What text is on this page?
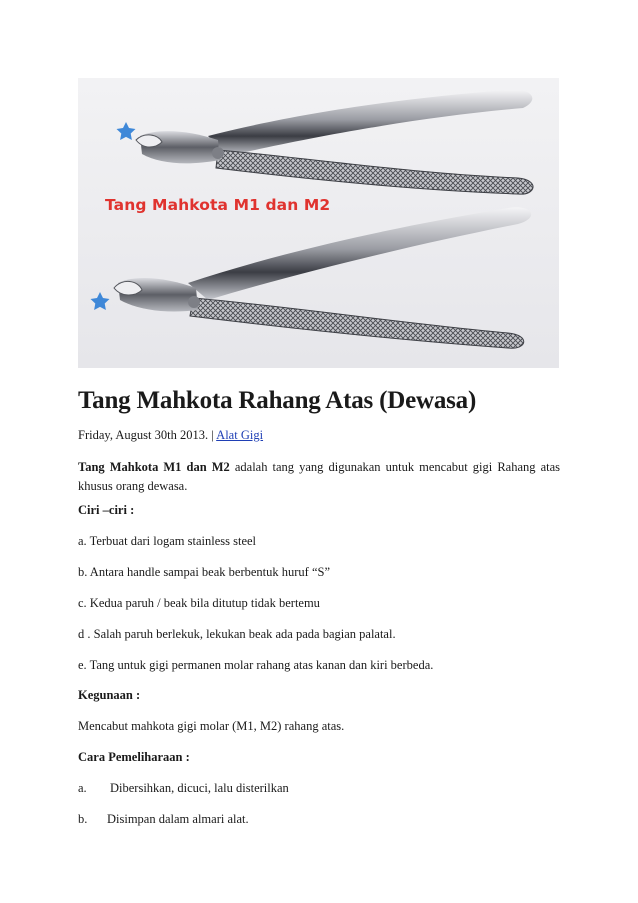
Tang Mahkota M1 dan M2
Tang Mahkota Rahang Atas (Dewasa)
Friday, August 30th 2013. | Alat Gigi
Tang Mahkota M1 dan M2 adalah tang yang digunakan untuk mencabut gigi Rahang atas khusus orang dewasa.
Ciri –ciri :
a. Terbuat dari logam stainless steel
b. Antara handle sampai beak berbentuk huruf “S”
c. Kedua paruh / beak bila ditutup tidak bertemu
d . Salah paruh berlekuk, lekukan beak ada pada bagian palatal.
e. Tang untuk gigi permanen molar rahang atas kanan dan kiri berbeda.
Kegunaan :
Mencabut mahkota gigi molar (M1, M2) rahang atas.
Cara Pemeliharaan :
a. Dibersihkan, dicuci, lalu disterilkan
b. Disimpan dalam almari alat.
